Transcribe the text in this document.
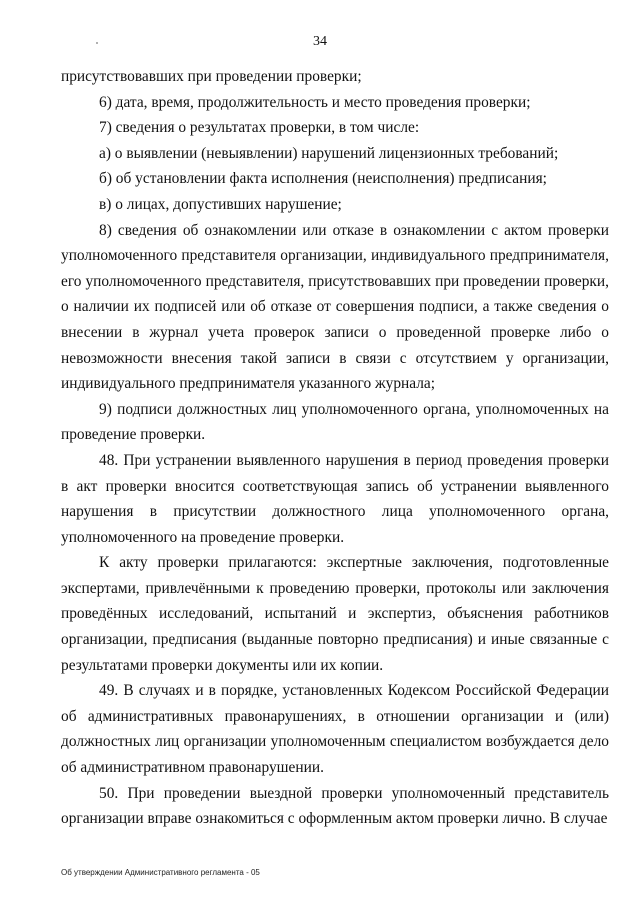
34

присутствовавших при проведении проверки;

6) дата, время, продолжительность и место проведения проверки;

7) сведения о результатах проверки, в том числе:

а) о выявлении (невыявлении) нарушений лицензионных требований;

б) об установлении факта исполнения (неисполнения) предписания;

в) о лицах, допустивших нарушение;

8) сведения об ознакомлении или отказе в ознакомлении с актом проверки уполномоченного представителя организации, индивидуального предпринимателя, его уполномоченного представителя, присутствовавших при проведении проверки, о наличии их подписей или об отказе от совершения подписи, а также сведения о внесении в журнал учета проверок записи о проведенной проверке либо о невозможности внесения такой записи в связи с отсутствием у организации, индивидуального предпринимателя указанного журнала;

9) подписи должностных лиц уполномоченного органа, уполномоченных на проведение проверки.

48. При устранении выявленного нарушения в период проведения проверки в акт проверки вносится соответствующая запись об устранении выявленного нарушения в присутствии должностного лица уполномоченного органа, уполномоченного на проведение проверки.

К акту проверки прилагаются: экспертные заключения, подготовленные экспертами, привлечёнными к проведению проверки, протоколы или заключения проведённых исследований, испытаний и экспертиз, объяснения работников организации, предписания (выданные повторно предписания) и иные связанные с результатами проверки документы или их копии.

49. В случаях и в порядке, установленных Кодексом Российской Федерации об административных правонарушениях, в отношении организации и (или) должностных лиц организации уполномоченным специалистом возбуждается дело об административном правонарушении.

50. При проведении выездной проверки уполномоченный представитель организации вправе ознакомиться с оформленным актом проверки лично. В случае

Об утверждении Административного регламента - 05
